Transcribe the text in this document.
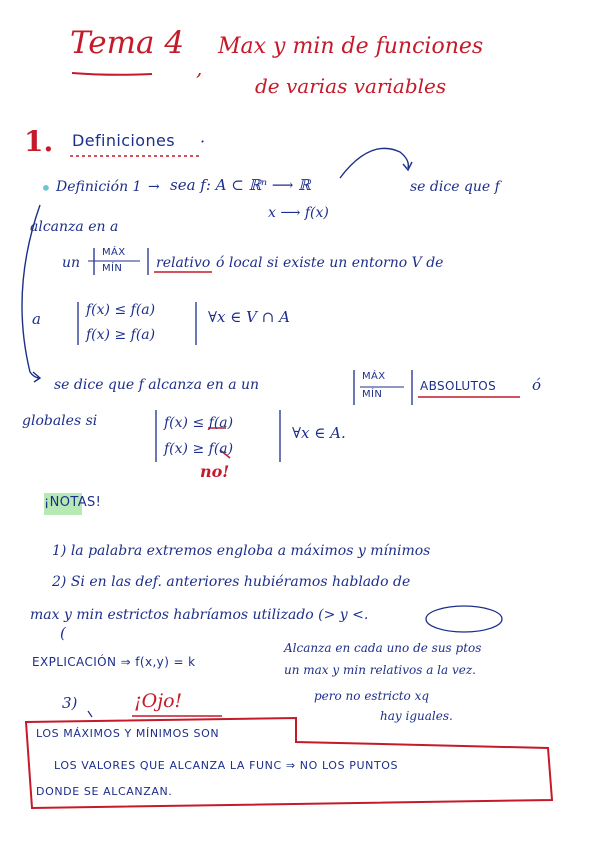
Tema 4
,
Max y min de funciones
de varias variables
1. Definiciones ·
• Definición 1 → sea f: A ⊂ ℝⁿ ⟶ ℝ	se dice que f
x ⟶ f(x)
alcanza en a
un
MÁX
MÍN relativo ó local si existe un entorno V de
a	f(x) ≤ f(a)
f(x) ≥ f(a)
∀x ∈ V ∩ A
se dice que f alcanza en a un
MÁX
MÍN
ABSOLUTOS ó
globales si	f(x) ≤ f(a)
f(x) ≥ f(a)
∀x ∈ A.
no!
¡NOTAS!
1) la palabra extremos engloba a máximos y mínimos
2) Si en las def. anteriores hubiéramos hablado de
max y min estrictos habríamos utilizado (> y <.
(
EXPLICACIÓN ⇒ f(x,y) = k
Alcanza en cada uno de sus ptos
un max y min relativos a la vez.
pero no estricto xq
hay iguales.
3)	¡Ojo!
LOS MÁXIMOS Y MÍNIMOS SON
LOS VALORES QUE ALCANZA LA FUNC ⇒ NO LOS PUNTOS
DONDE SE ALCANZAN.
